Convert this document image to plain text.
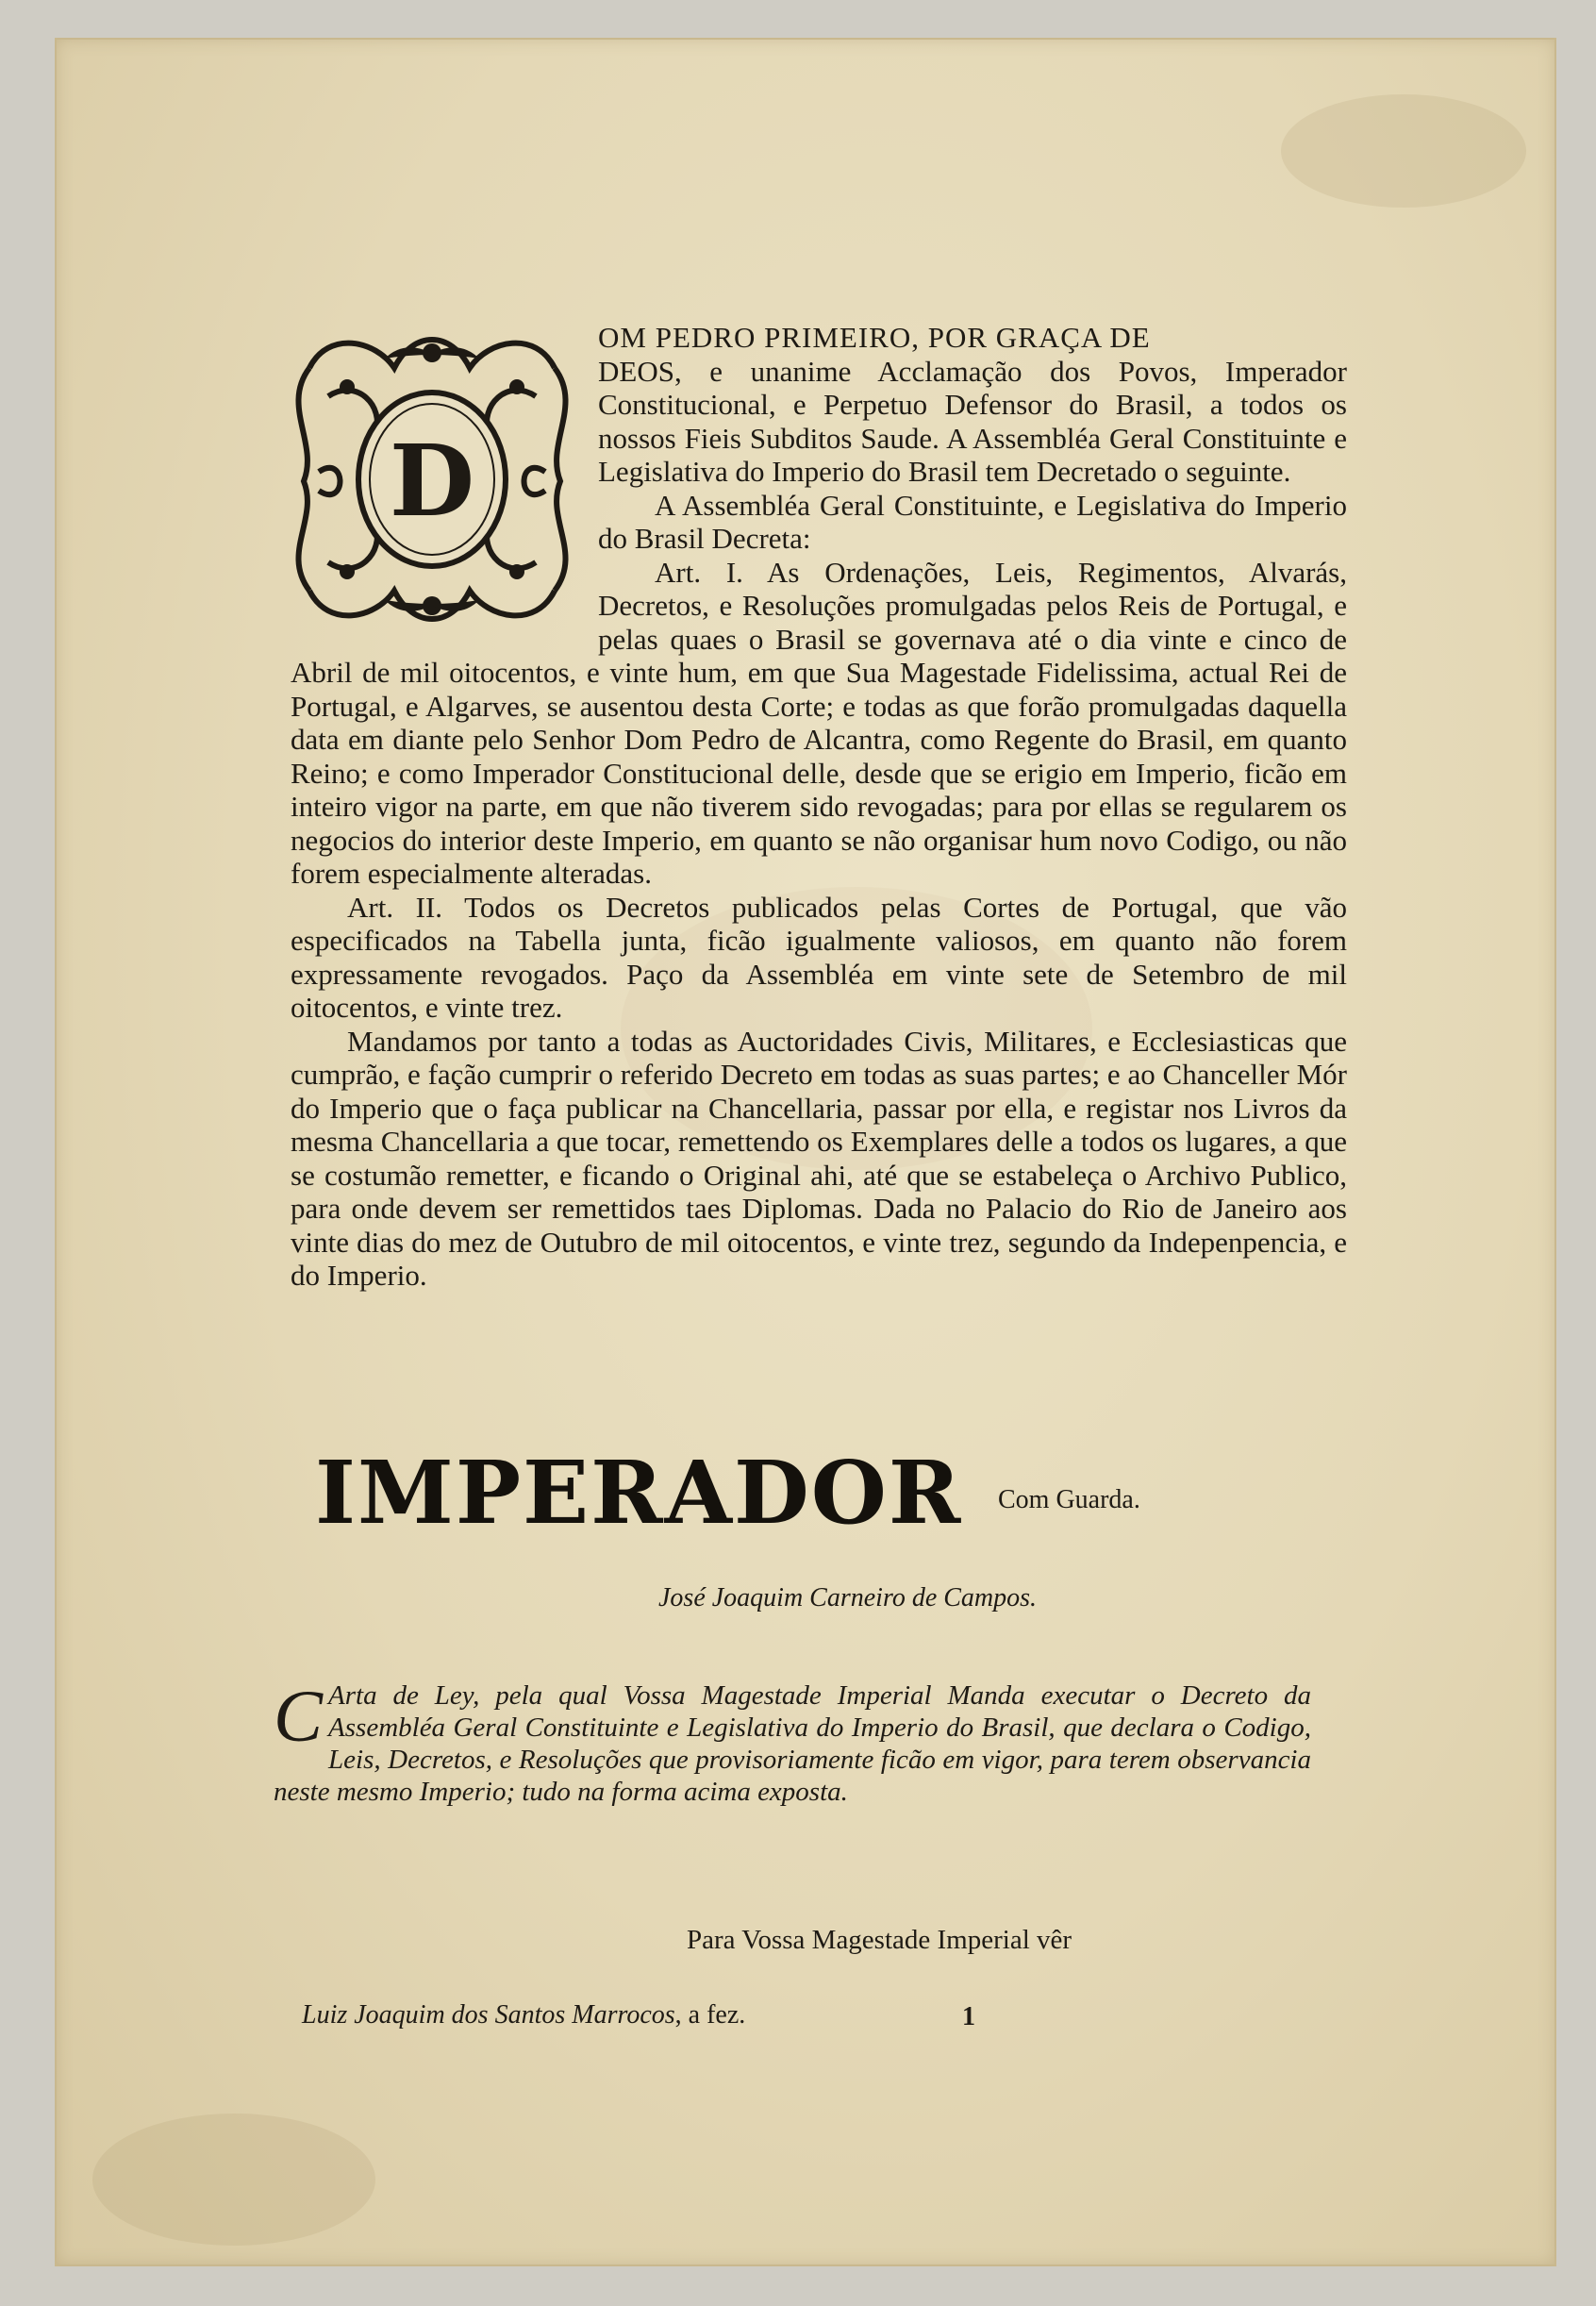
D

OM PEDRO PRIMEIRO, POR GRAÇA DE

DEOS, e unanime Acclamação dos Povos, Imperador Constitucional, e Perpetuo Defensor do Brasil, a todos os nossos Fieis Subditos Saude. A Assembléa Geral Constituinte e Legislativa do Imperio do Brasil tem Decretado o seguinte.

A Assembléa Geral Constituinte, e Legislativa do Imperio do Brasil Decreta:

Art. I. As Ordenações, Leis, Regimentos, Alvarás, Decretos, e Resoluções promulgadas pelos Reis de Portugal, e pelas quaes o Brasil se governava até o dia vinte e cinco de Abril de mil oitocentos, e vinte hum, em que Sua Magestade Fidelissima, actual Rei de Portugal, e Algarves, se ausentou desta Corte; e todas as que forão promulgadas daquella data em diante pelo Senhor Dom Pedro de Alcantra, como Regente do Brasil, em quanto Reino; e como Imperador Constitucional delle, desde que se erigio em Imperio, ficão em inteiro vigor na parte, em que não tiverem sido revogadas; para por ellas se regularem os negocios do interior deste Imperio, em quanto se não organisar hum novo Codigo, ou não forem especialmente alteradas.

Art. II. Todos os Decretos publicados pelas Cortes de Portugal, que vão especificados na Tabella junta, ficão igualmente valiosos, em quanto não forem expressamente revogados. Paço da Assembléa em vinte sete de Setembro de mil oitocentos, e vinte trez.

Mandamos por tanto a todas as Auctoridades Civis, Militares, e Ecclesiasticas que cumprão, e fação cumprir o referido Decreto em todas as suas partes; e ao Chanceller Mór do Imperio que o faça publicar na Chancellaria, passar por ella, e registar nos Livros da mesma Chancellaria a que tocar, remettendo os Exemplares delle a todos os lugares, a que se costumão remetter, e ficando o Original ahi, até que se estabeleça o Archivo Publico, para onde devem ser remettidos taes Diplomas. Dada no Palacio do Rio de Janeiro aos vinte dias do mez de Outubro de mil oitocentos, e vinte trez, segundo da Indepenpencia, e do Imperio.

IMPERADOR Com Guarda.
José Joaquim Carneiro de Campos.
C Arta de Ley, pela qual Vossa Magestade Imperial Manda executar o Decreto da Assembléa Geral Constituinte e Legislativa do Imperio do Brasil, que declara o Codigo, Leis, Decretos, e Resoluções que provisoriamente ficão em vigor, para terem observancia neste mesmo Imperio; tudo na forma acima exposta.
Para Vossa Magestade Imperial vêr
Luiz Joaquim dos Santos Marrocos, a fez.	1
